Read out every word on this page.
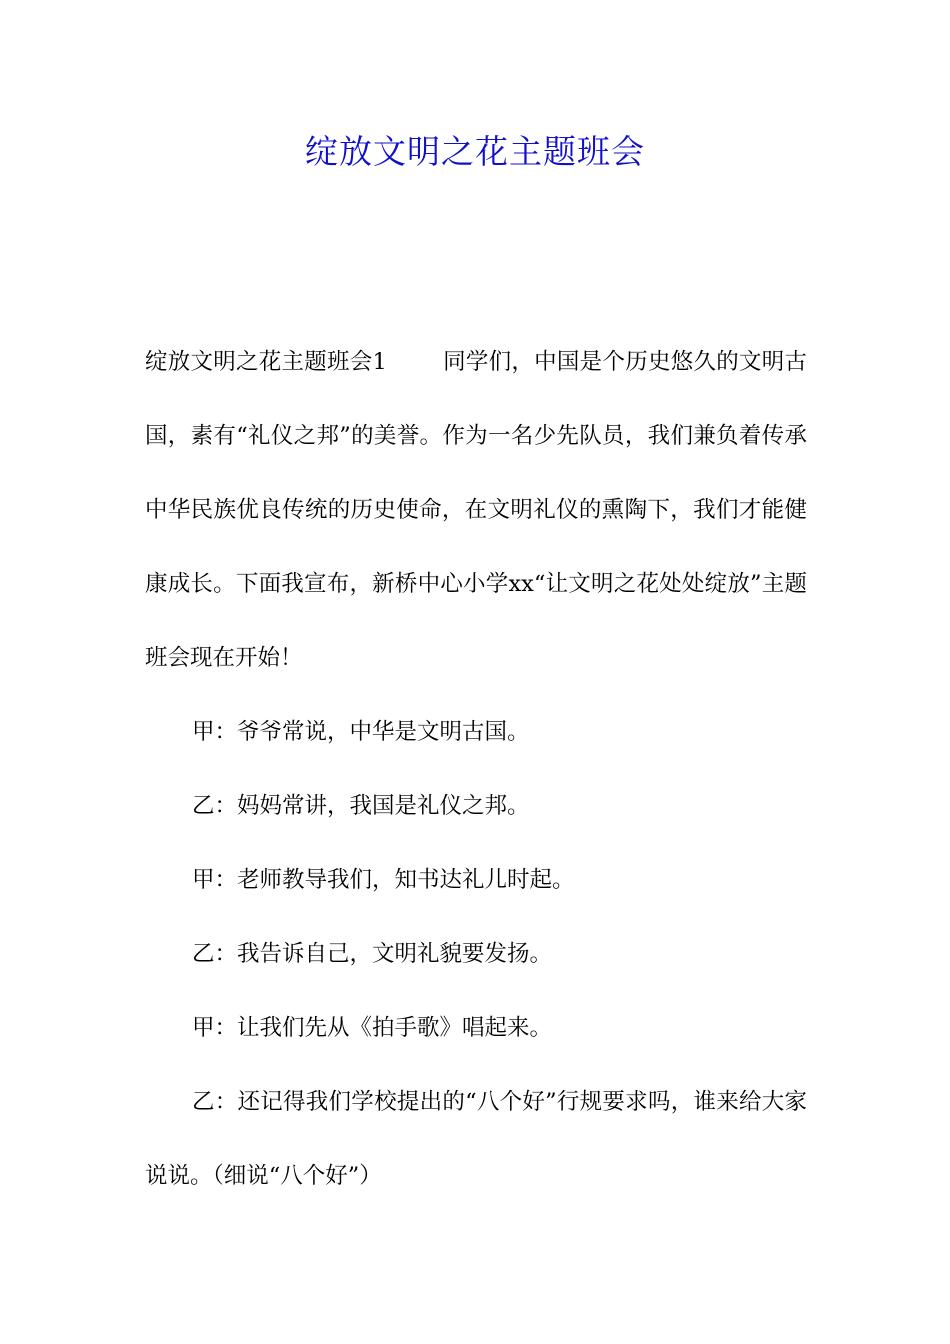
绽放文明之花主题班会

绽放文明之花主题班会1 同学们，中国是个历史悠久的文明古国，素有“礼仪之邦”的美誉。作为一名少先队员，我们兼负着传承中华民族优良传统的历史使命，在文明礼仪的熏陶下，我们才能健康成长。下面我宣布，新桥中心小学xx“让文明之花处处绽放”主题班会现在开始！

甲：爷爷常说，中华是文明古国。

乙：妈妈常讲，我国是礼仪之邦。

甲：老师教导我们，知书达礼儿时起。

乙：我告诉自己，文明礼貌要发扬。

甲：让我们先从《拍手歌》唱起来。

乙：还记得我们学校提出的“八个好”行规要求吗，谁来给大家说说。（细说“八个好”）
